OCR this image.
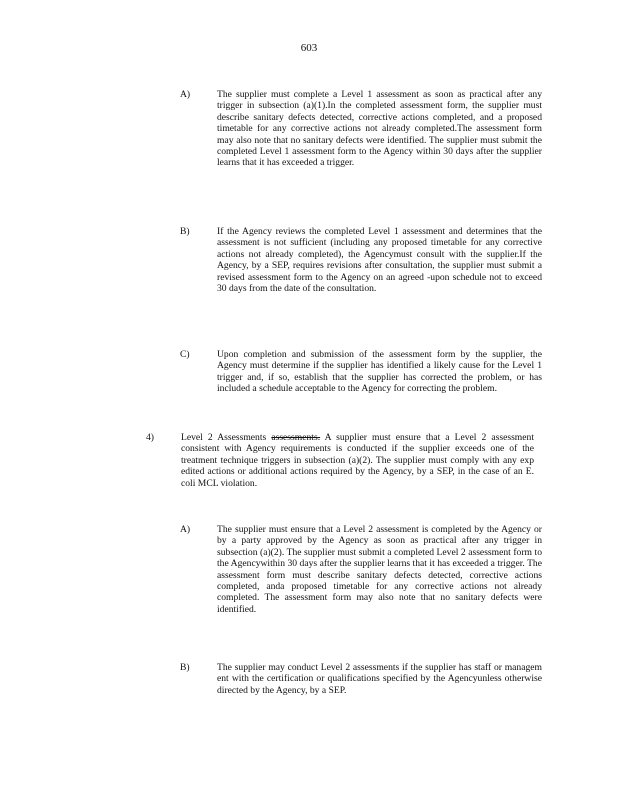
603
A)	The supplier must complete a Level 1 assessment as soon as practical after any trigger in subsection (a)(1).In the completed assessment form, the supplier must describe sanitary defects detected, corrective actions completed, and a proposed timetable for any corrective actions not already completed.The assessment form may also note that no sanitary defects were identified. The supplier must submit the completed Level 1 assessment form to the Agency within 30 days after the supplier learns that it has exceeded a trigger.
B)	If the Agency reviews the completed Level 1 assessment and determines that the assessment is not sufficient (including any proposed timetable for any corrective actions not already completed), the Agencymust consult with the supplier.If the Agency, by a SEP, requires revisions after consultation, the supplier must submit a revised assessment form to the Agency on an agreed -upon schedule not to exceed 30 days from the date of the consultation.
C)	Upon completion and submission of the assessment form by the supplier, the Agency must determine if the supplier has identified a likely cause for the Level 1 trigger and, if so, establish that the supplier has corrected the problem, or has included a schedule acceptable to the Agency for correcting the problem.
4)	Level 2 Assessments assessments. A supplier must ensure that a Level 2 assessment consistent with Agency requirements is conducted if the supplier exceeds one of the treatment technique triggers in subsection (a)(2). The supplier must comply with any exp edited actions or additional actions required by the Agency, by a SEP, in the case of an E. coli MCL violation.
A)	The supplier must ensure that a Level 2 assessment is completed by the Agency or by a party approved by the Agency as soon as practical after any trigger in subsection (a)(2). The supplier must submit a completed Level 2 assessment form to the Agencywithin 30 days after the supplier learns that it has exceeded a trigger. The assessment form must describe sanitary defects detected, corrective actions completed, anda proposed timetable for any corrective actions not already completed. The assessment form may also note that no sanitary defects were identified.
B)	The supplier may conduct Level 2 assessments if the supplier has staff or managem ent with the certification or qualifications specified by the Agencyunless otherwise directed by the Agency, by a SEP.
